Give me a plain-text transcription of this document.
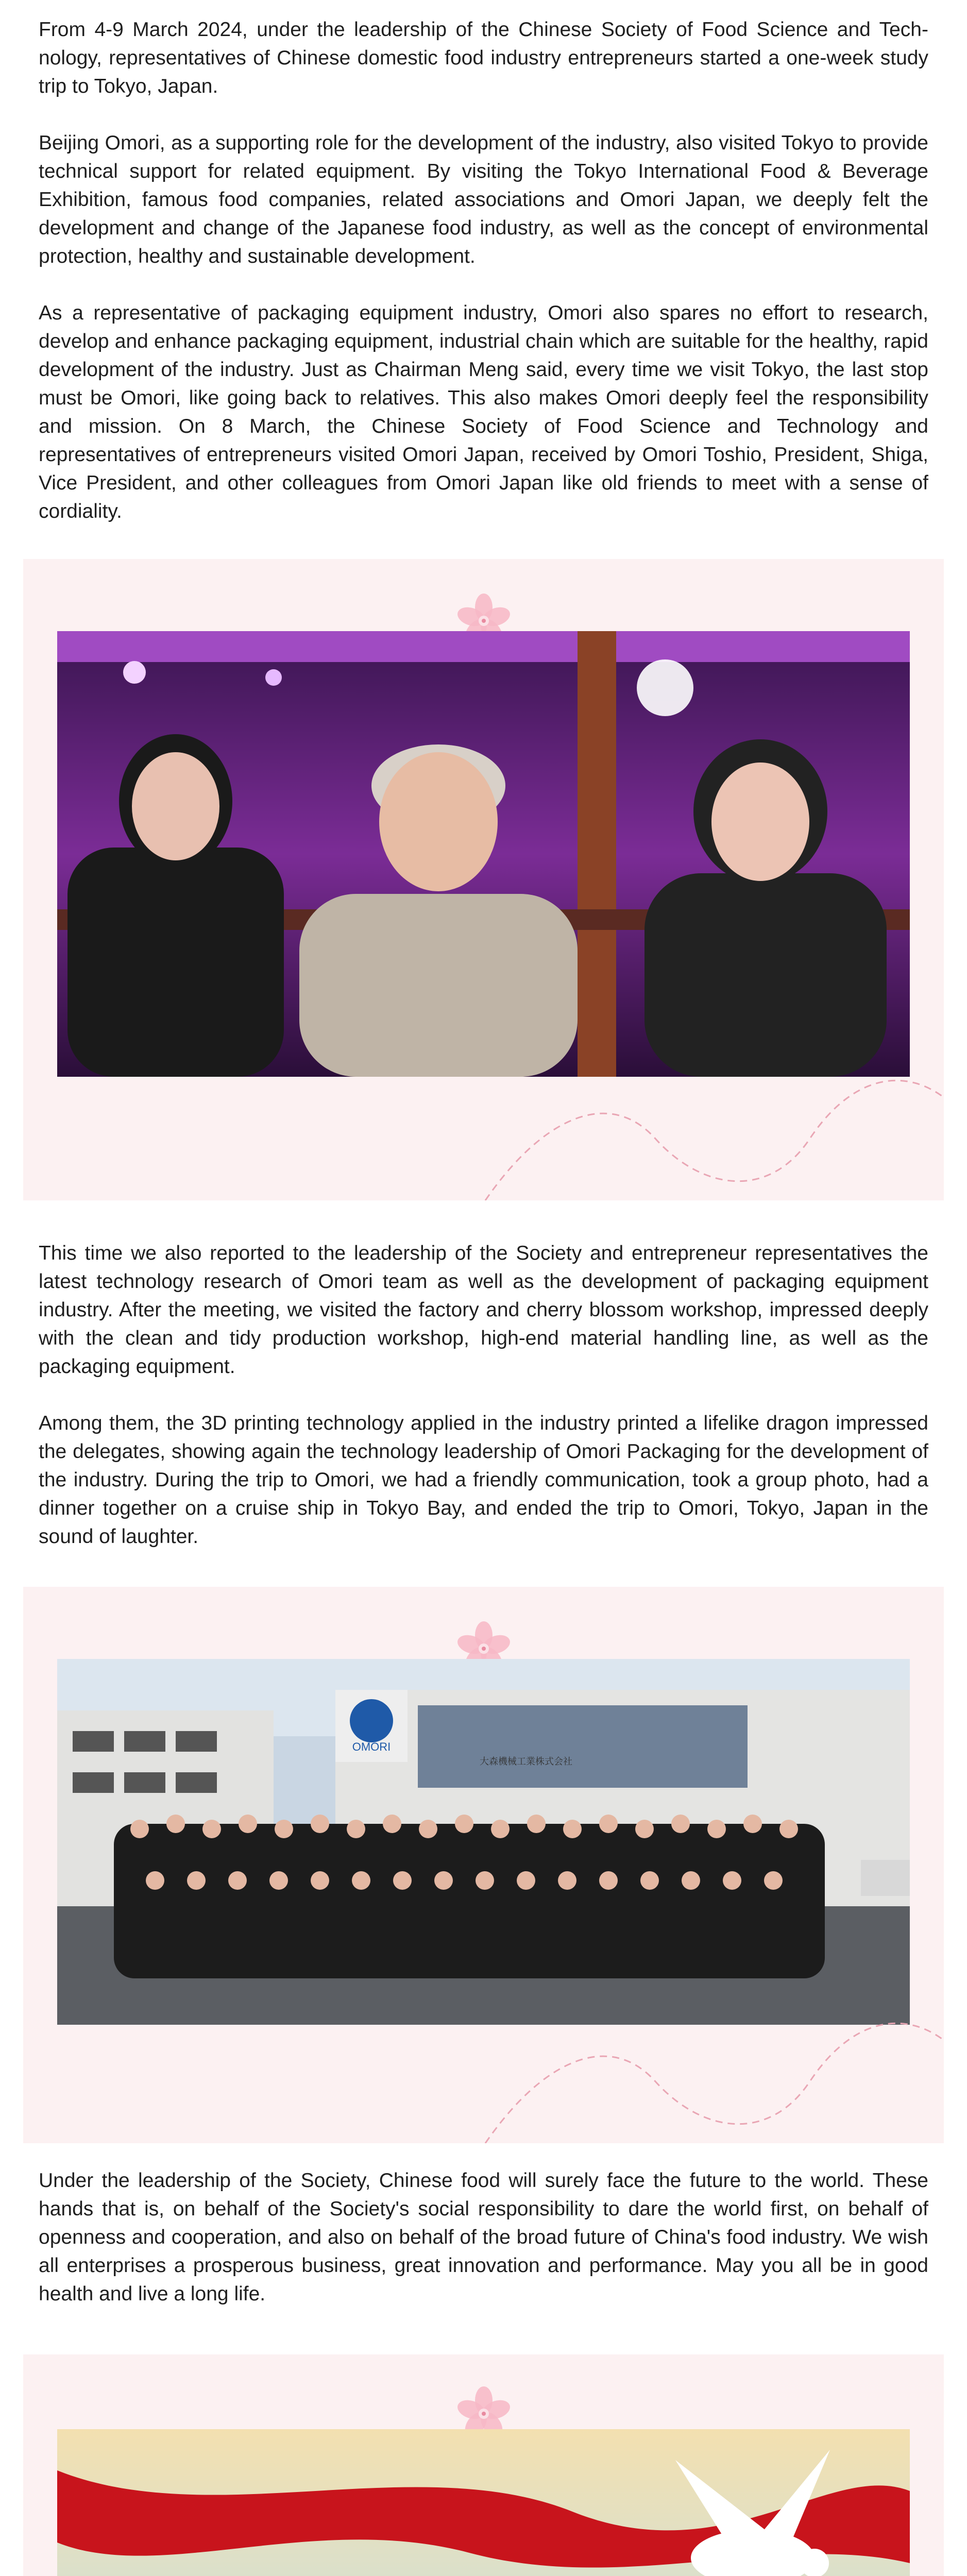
From 4-9 March 2024, under the leadership of the Chinese Society of Food Science and Technology, representatives of Chinese domestic food industry entrepreneurs started a one-week study trip to Tokyo, Japan.

Beijing Omori, as a supporting role for the development of the industry, also visited Tokyo to provide technical support for related equipment. By visiting the Tokyo International Food & Beverage Exhibition, famous food companies, related associations and Omori Japan, we deeply felt the development and change of the Japanese food industry, as well as the concept of environmental protection, healthy and sustainable development.

As a representative of packaging equipment industry, Omori also spares no effort to research, develop and enhance packaging equipment, industrial chain which are suitable for the healthy, rapid development of the industry. Just as Chairman Meng said, every time we visit Tokyo, the last stop must be Omori, like going back to relatives. This also makes Omori deeply feel the responsibility and mission. On 8 March, the Chinese Society of Food Science and Technology and representatives of entrepreneurs visited Omori Japan, received by Omori Toshio, President, Shiga, Vice President, and other colleagues from Omori Japan like old friends to meet with a sense of cordiality.

This time we also reported to the leadership of the Society and entrepreneur representatives the latest technology research of Omori team as well as the development of packaging equipment industry. After the meeting, we visited the factory and cherry blossom workshop, impressed deeply with the clean and tidy production workshop, high-end material handling line, as well as the packaging equipment.

Among them, the 3D printing technology applied in the industry printed a lifelike dragon impressed the delegates, showing again the technology leadership of Omori Packaging for the development of the industry. During the trip to Omori, we had a friendly communication, took a group photo, had a dinner together on a cruise ship in Tokyo Bay, and ended the trip to Omori, Tokyo, Japan in the sound of laughter.

OMORI
大森機械工業株式会社

Under the leadership of the Society, Chinese food will surely face the future to the world. These hands that is, on behalf of the Society's social responsibility to dare the world first, on behalf of openness and cooperation, and also on behalf of the broad future of China's food industry. We wish all enterprises a prosperous business, great innovation and performance. May you all be in good health and live a long life.
